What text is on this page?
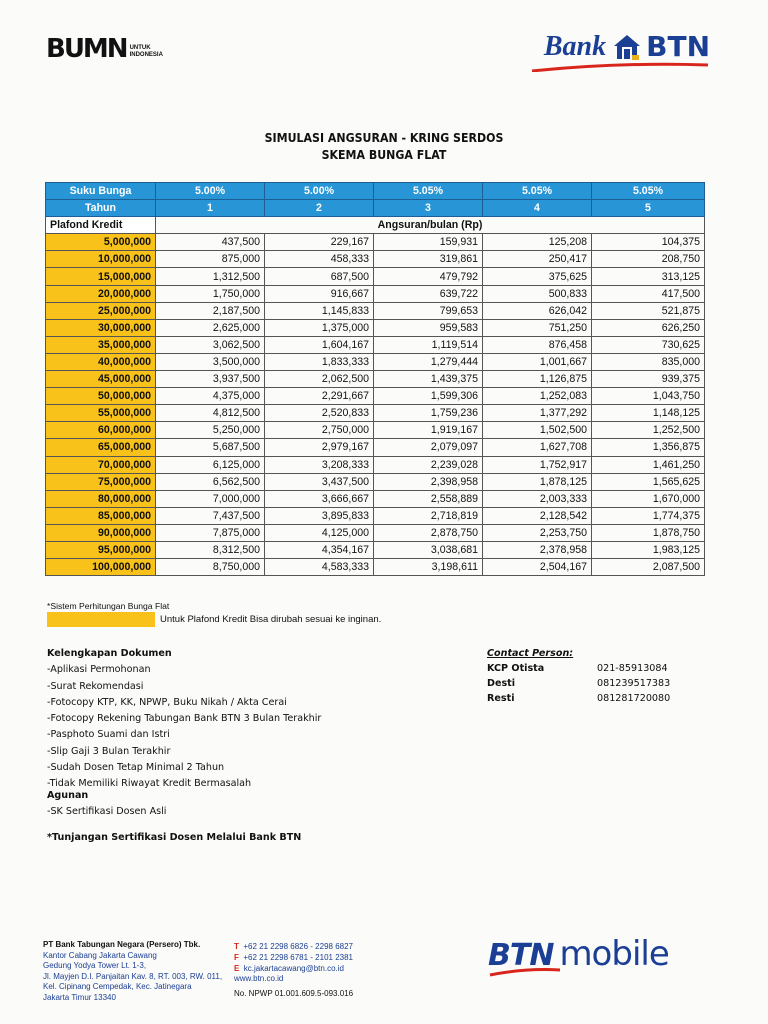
BUMN UNTUK
INDONESIA	Bank BTN
SIMULASI ANGSURAN - KRING SERDOS
SKEMA BUNGA FLAT
Suku Bunga	5.00%	5.00%	5.05%	5.05%	5.05%
Tahun	1	2	3	4	5
Plafond Kredit	Angsuran/bulan (Rp)				
5,000,000	437,500	229,167	159,931	125,208	104,375
10,000,000	875,000	458,333	319,861	250,417	208,750
15,000,000	1,312,500	687,500	479,792	375,625	313,125
20,000,000	1,750,000	916,667	639,722	500,833	417,500
25,000,000	2,187,500	1,145,833	799,653	626,042	521,875
30,000,000	2,625,000	1,375,000	959,583	751,250	626,250
35,000,000	3,062,500	1,604,167	1,119,514	876,458	730,625
40,000,000	3,500,000	1,833,333	1,279,444	1,001,667	835,000
45,000,000	3,937,500	2,062,500	1,439,375	1,126,875	939,375
50,000,000	4,375,000	2,291,667	1,599,306	1,252,083	1,043,750
55,000,000	4,812,500	2,520,833	1,759,236	1,377,292	1,148,125
60,000,000	5,250,000	2,750,000	1,919,167	1,502,500	1,252,500
65,000,000	5,687,500	2,979,167	2,079,097	1,627,708	1,356,875
70,000,000	6,125,000	3,208,333	2,239,028	1,752,917	1,461,250
75,000,000	6,562,500	3,437,500	2,398,958	1,878,125	1,565,625
80,000,000	7,000,000	3,666,667	2,558,889	2,003,333	1,670,000
85,000,000	7,437,500	3,895,833	2,718,819	2,128,542	1,774,375
90,000,000	7,875,000	4,125,000	2,878,750	2,253,750	1,878,750
95,000,000	8,312,500	4,354,167	3,038,681	2,378,958	1,983,125
100,000,000	8,750,000	4,583,333	3,198,611	2,504,167	2,087,500
*Sistem Perhitungan Bunga Flat
Untuk Plafond Kredit Bisa dirubah sesuai ke inginan.
Kelengkapan Dokumen
-Aplikasi Permohonan
-Surat Rekomendasi
-Fotocopy KTP, KK, NPWP, Buku Nikah / Akta Cerai
-Fotocopy Rekening Tabungan Bank BTN 3 Bulan Terakhir
-Pasphoto Suami dan Istri
-Slip Gaji 3 Bulan Terakhir
-Sudah Dosen Tetap Minimal 2 Tahun
-Tidak Memiliki Riwayat Kredit Bermasalah
Contact Person:
KCP Otista	021-85913084
Desti	081239517383
Resti	081281720080
Agunan
-SK Sertifikasi Dosen Asli
*Tunjangan Sertifikasi Dosen Melalui Bank BTN
PT Bank Tabungan Negara (Persero) Tbk.
Kantor Cabang Jakarta Cawang
Gedung Yodya Tower Lt. 1-3,
Jl. Mayjen D.I. Panjaitan Kav. 8, RT. 003, RW. 011,
Kel. Cipinang Cempedak, Kec. Jatinegara
Jakarta Timur 13340
T +62 21 2298 6826 - 2298 6827
F +62 21 2298 6781 - 2101 2381
E kc.jakartacawang@btn.co.id
www.btn.co.id
No. NPWP 01.001.609.5-093.016
BTN mobile
